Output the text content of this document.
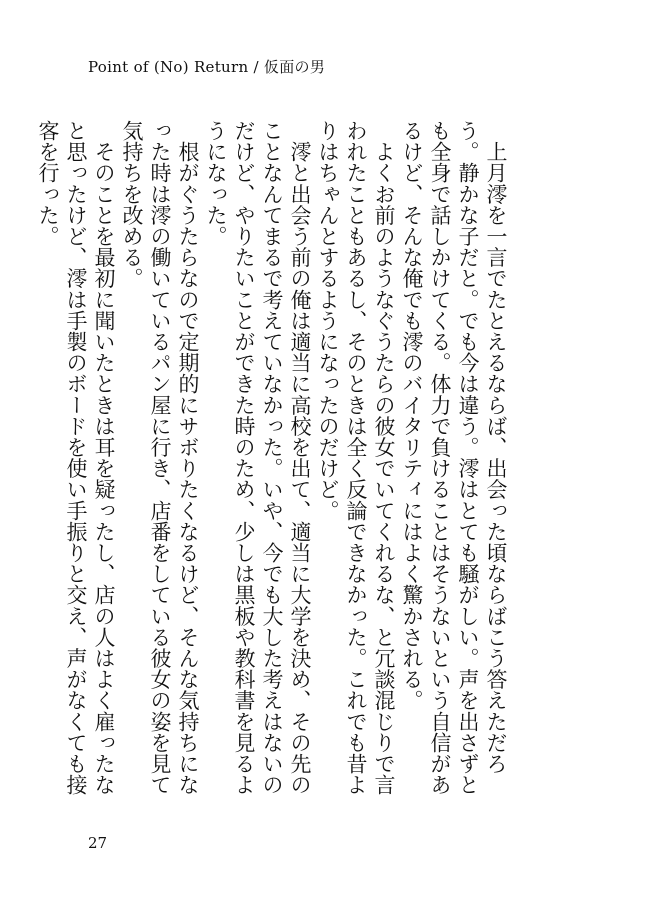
Point of (No) Return / 仮面の男

　上月澪を一言でたとえるならば、出会った頃ならばこう答えただろう。静かな子だと。でも今は違う。澪はとても騒がしい。声を出さずとも全身で話しかけてくる。体力で負けることはそうないという自信があるけど、そんな俺でも澪のバイタリティにはよく驚かされる。

　よくお前のようなぐうたらの彼女でいてくれるな、と冗談混じりで言われたこともあるし、そのときは全く反論できなかった。これでも昔よりはちゃんとするようになったのだけど。

　澪と出会う前の俺は適当に高校を出て、適当に大学を決め、その先のことなんてまるで考えていなかった。いや、今でも大した考えはないのだけど、やりたいことができた時のため、少しは黒板や教科書を見るようになった。

　根がぐうたらなので定期的にサボりたくなるけど、そんな気持ちになった時は澪の働いているパン屋に行き、店番をしている彼女の姿を見て気持ちを改める。

　そのことを最初に聞いたときは耳を疑ったし、店の人はよく雇ったなと思ったけど、澪は手製のボードを使い手振りと交え、声がなくても接客を行った。

27
